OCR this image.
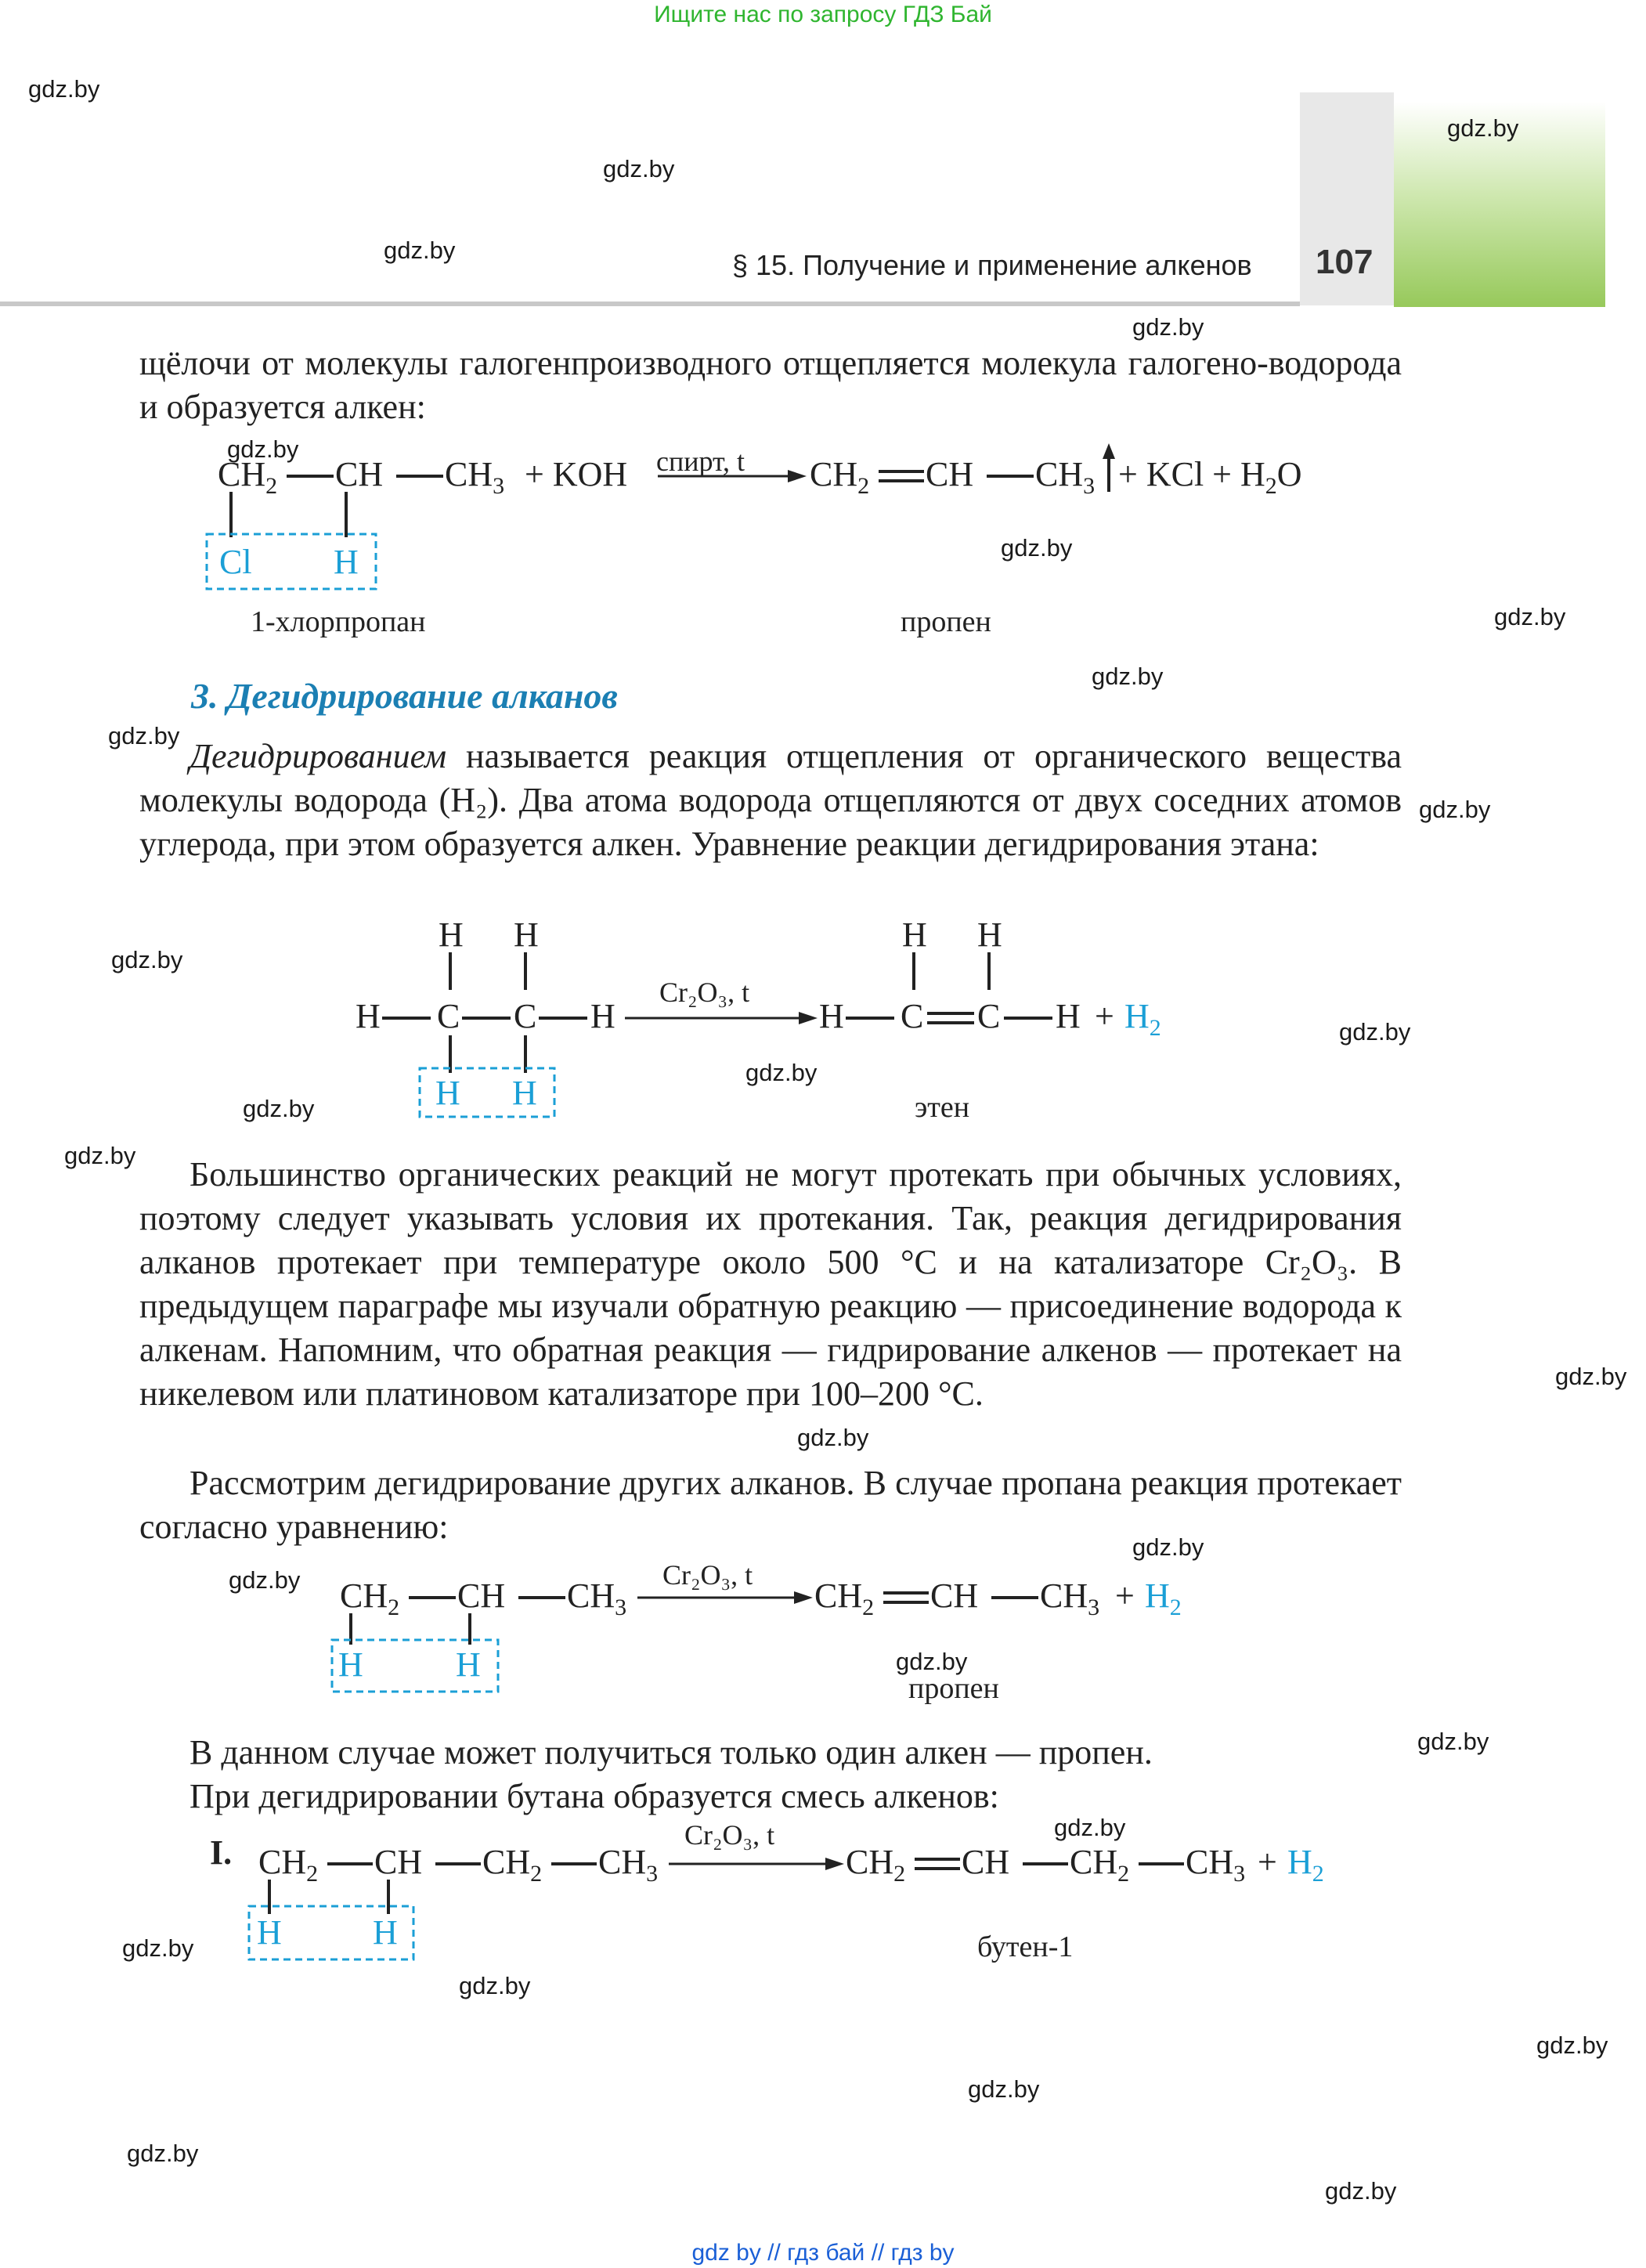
Ищите нас по запросу ГДЗ Бай
§ 15. Получение и применение алкенов 107
gdz.by
gdz.by
gdz.by
gdz.by
gdz.by
gdz.by
gdz.by
gdz.by
gdz.by
gdz.by
gdz.by
gdz.by
gdz.by
gdz.by
gdz.by
gdz.by
gdz.by
gdz.by
gdz.by
gdz.by
gdz.by
gdz.by
gdz.by
gdz.by
gdz.by
gdz.by
gdz.by
gdz.by
gdz.by

щёлочи от молекулы галогенпроизводного отщепляется молекула галогено-водорода и образуется алкен:

$CH_2$ CH $CH_3$ + KOH	$CH_2$ CH $CH_3$ + KCl + $H_2O$
Cl H
спирт, t
1-хлорпропан	пропен
3. Дегидрирование алканов

Дегидрированием называется реакция отщепления от органического вещества молекулы водорода (H₂). Два атома водорода отщепляются от двух соседних атомов углерода, при этом образуется алкен. Уравнение реакции дегидрирования этана:

H H
H C C H	H C C H +
H H
$H_2$
H H
Cr₂O₃, t
этен

Большинство органических реакций не могут протекать при обычных условиях, поэтому следует указывать условия их протекания. Так, реакция дегидрирования алканов протекает при температуре около 500 °C и на катализаторе Cr₂O₃. В предыдущем параграфе мы изучали обратную реакцию — присоединение водорода к алкенам. Напомним, что обратная реакция — гидрирование алкенов — протекает на никелевом или платиновом катализаторе при 100–200 °C.

Рассмотрим дегидрирование других алканов. В случае пропана реакция протекает согласно уравнению:

$CH_2$ CH $CH_3$	$CH_2$ CH $CH_3 + H_2$
H	H
Cr₂O₃, t
пропен

В данном случае может получиться только один алкен — пропен.

При дегидрировании бутана образуется смесь алкенов:

I. $CH_2$ CH $CH_2$ $CH_3$	$CH_2$ CH $CH_2$ $CH_3 + H_2$
H	H
Cr₂O₃, t
бутен-1
gdz by // гдз бай // гдз by
